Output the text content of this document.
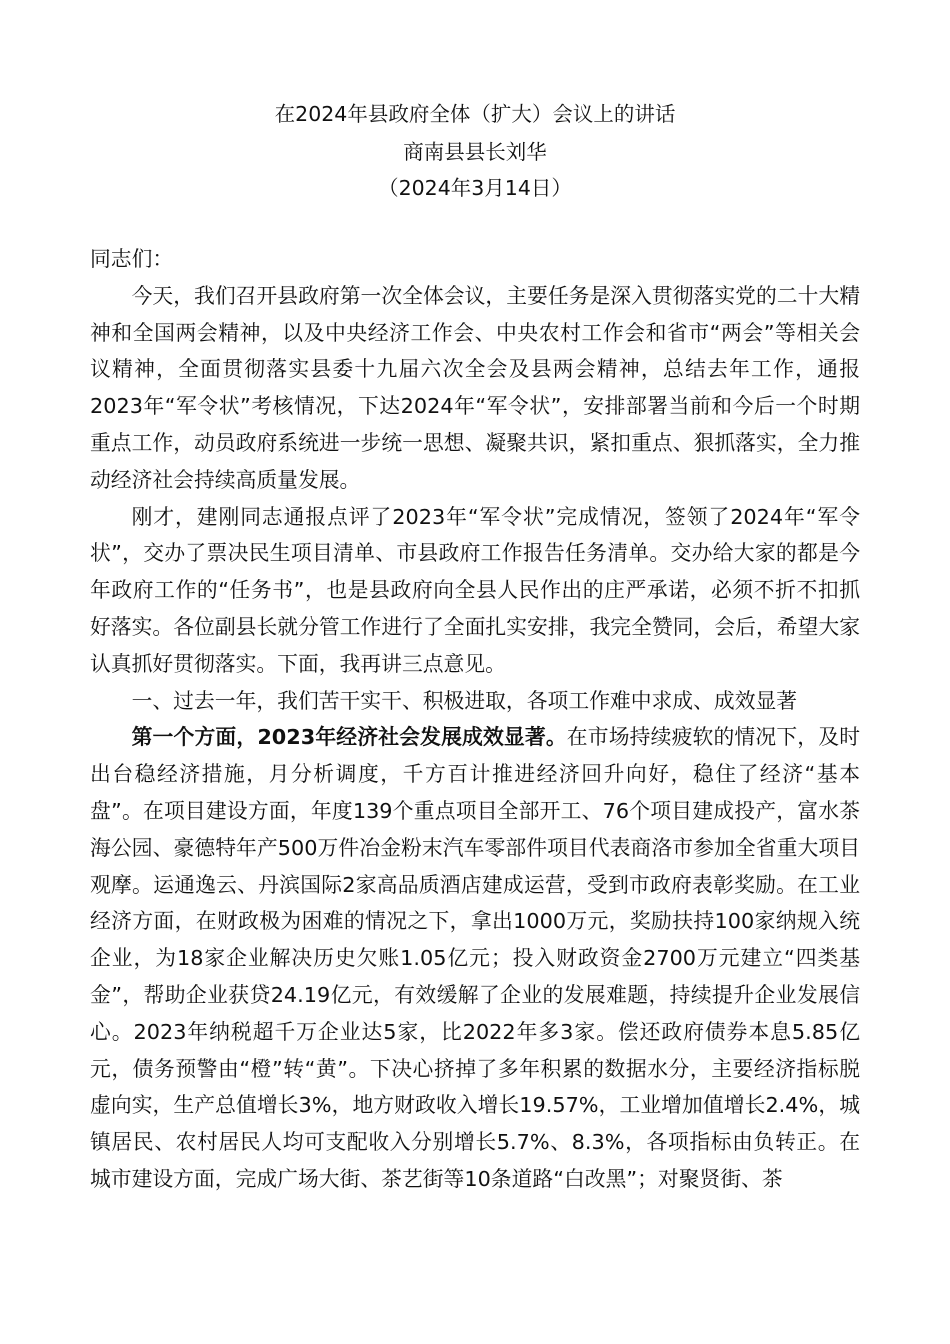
在2024年县政府全体（扩大）会议上的讲话
商南县县长刘华
（2024年3月14日）

同志们：

今天，我们召开县政府第一次全体会议，主要任务是深入贯彻落实党的二十大精神和全国两会精神，以及中央经济工作会、中央农村工作会和省市“两会”等相关会议精神，全面贯彻落实县委十九届六次全会及县两会精神，总结去年工作，通报2023年“军令状”考核情况，下达2024年“军令状”，安排部署当前和今后一个时期重点工作，动员政府系统进一步统一思想、凝聚共识，紧扣重点、狠抓落实，全力推动经济社会持续高质量发展。

刚才，建刚同志通报点评了2023年“军令状”完成情况，签领了2024年“军令状”，交办了票决民生项目清单、市县政府工作报告任务清单。交办给大家的都是今年政府工作的“任务书”，也是县政府向全县人民作出的庄严承诺，必须不折不扣抓好落实。各位副县长就分管工作进行了全面扎实安排，我完全赞同，会后，希望大家认真抓好贯彻落实。下面，我再讲三点意见。

一、过去一年，我们苦干实干、积极进取，各项工作难中求成、成效显著

第一个方面，2023年经济社会发展成效显著。在市场持续疲软的情况下，及时出台稳经济措施，月分析调度，千方百计推进经济回升向好，稳住了经济“基本盘”。在项目建设方面，年度139个重点项目全部开工、76个项目建成投产，富水茶海公园、豪德特年产500万件冶金粉末汽车零部件项目代表商洛市参加全省重大项目观摩。运通逸云、丹滨国际2家高品质酒店建成运营，受到市政府表彰奖励。在工业经济方面，在财政极为困难的情况之下，拿出1000万元，奖励扶持100家纳规入统企业，为18家企业解决历史欠账1.05亿元；投入财政资金2700万元建立“四类基金”，帮助企业获贷24.19亿元，有效缓解了企业的发展难题，持续提升企业发展信心。2023年纳税超千万企业达5家，比2022年多3家。偿还政府债券本息5.85亿元，债务预警由“橙”转“黄”。下决心挤掉了多年积累的数据水分，主要经济指标脱虚向实，生产总值增长3%，地方财政收入增长19.57%，工业增加值增长2.4%，城镇居民、农村居民人均可支配收入分别增长5.7%、8.3%，各项指标由负转正。在城市建设方面，完成广场大街、茶艺街等10条道路“白改黑”；对聚贤街、茶
